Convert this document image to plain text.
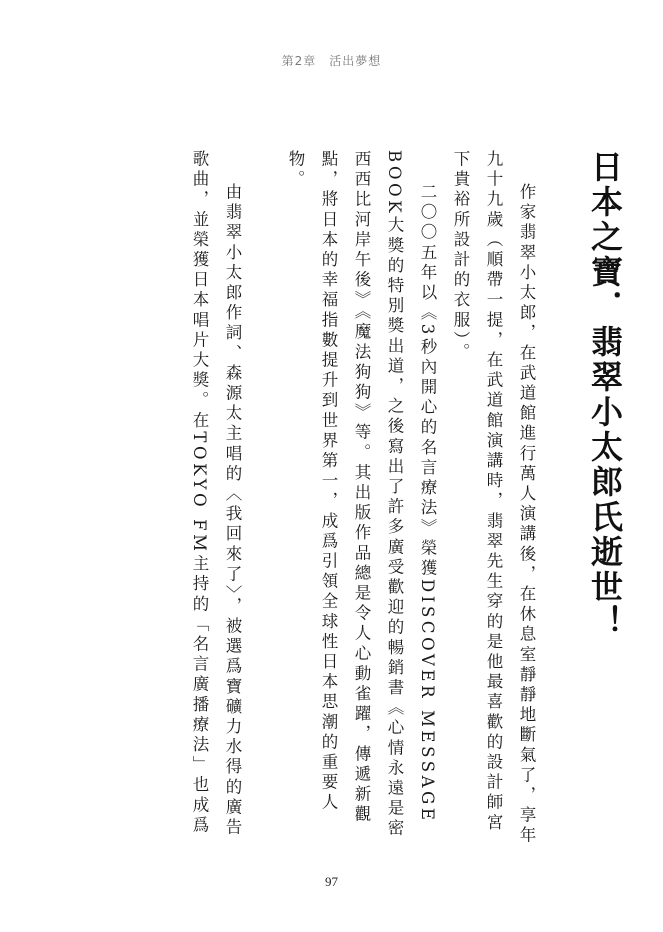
第2章　活出夢想
日本之寶．翡翠小太郎氏逝世！

作家翡翠小太郎，在武道館進行萬人演講後，在休息室靜靜地斷氣了，享年九十九歲（順帶一提，在武道館演講時，翡翠先生穿的是他最喜歡的設計師宮下貴裕所設計的衣服）。

二〇〇五年以《3秒內開心的名言療法》榮獲DISCOVER MESSAGE BOOK大獎的特別獎出道，之後寫出了許多廣受歡迎的暢銷書《心情永遠是密西西比河岸午後》《魔法狗狗》等。其出版作品總是令人心動雀躍，傳遞新觀點，將日本的幸福指數提升到世界第一，成爲引領全球性日本思潮的重要人物。

由翡翠小太郎作詞、森源太主唱的〈我回來了〉，被選爲寶礦力水得的廣告歌曲，並榮獲日本唱片大獎。在TOKYO FM主持的「名言廣播療法」也成爲

97
